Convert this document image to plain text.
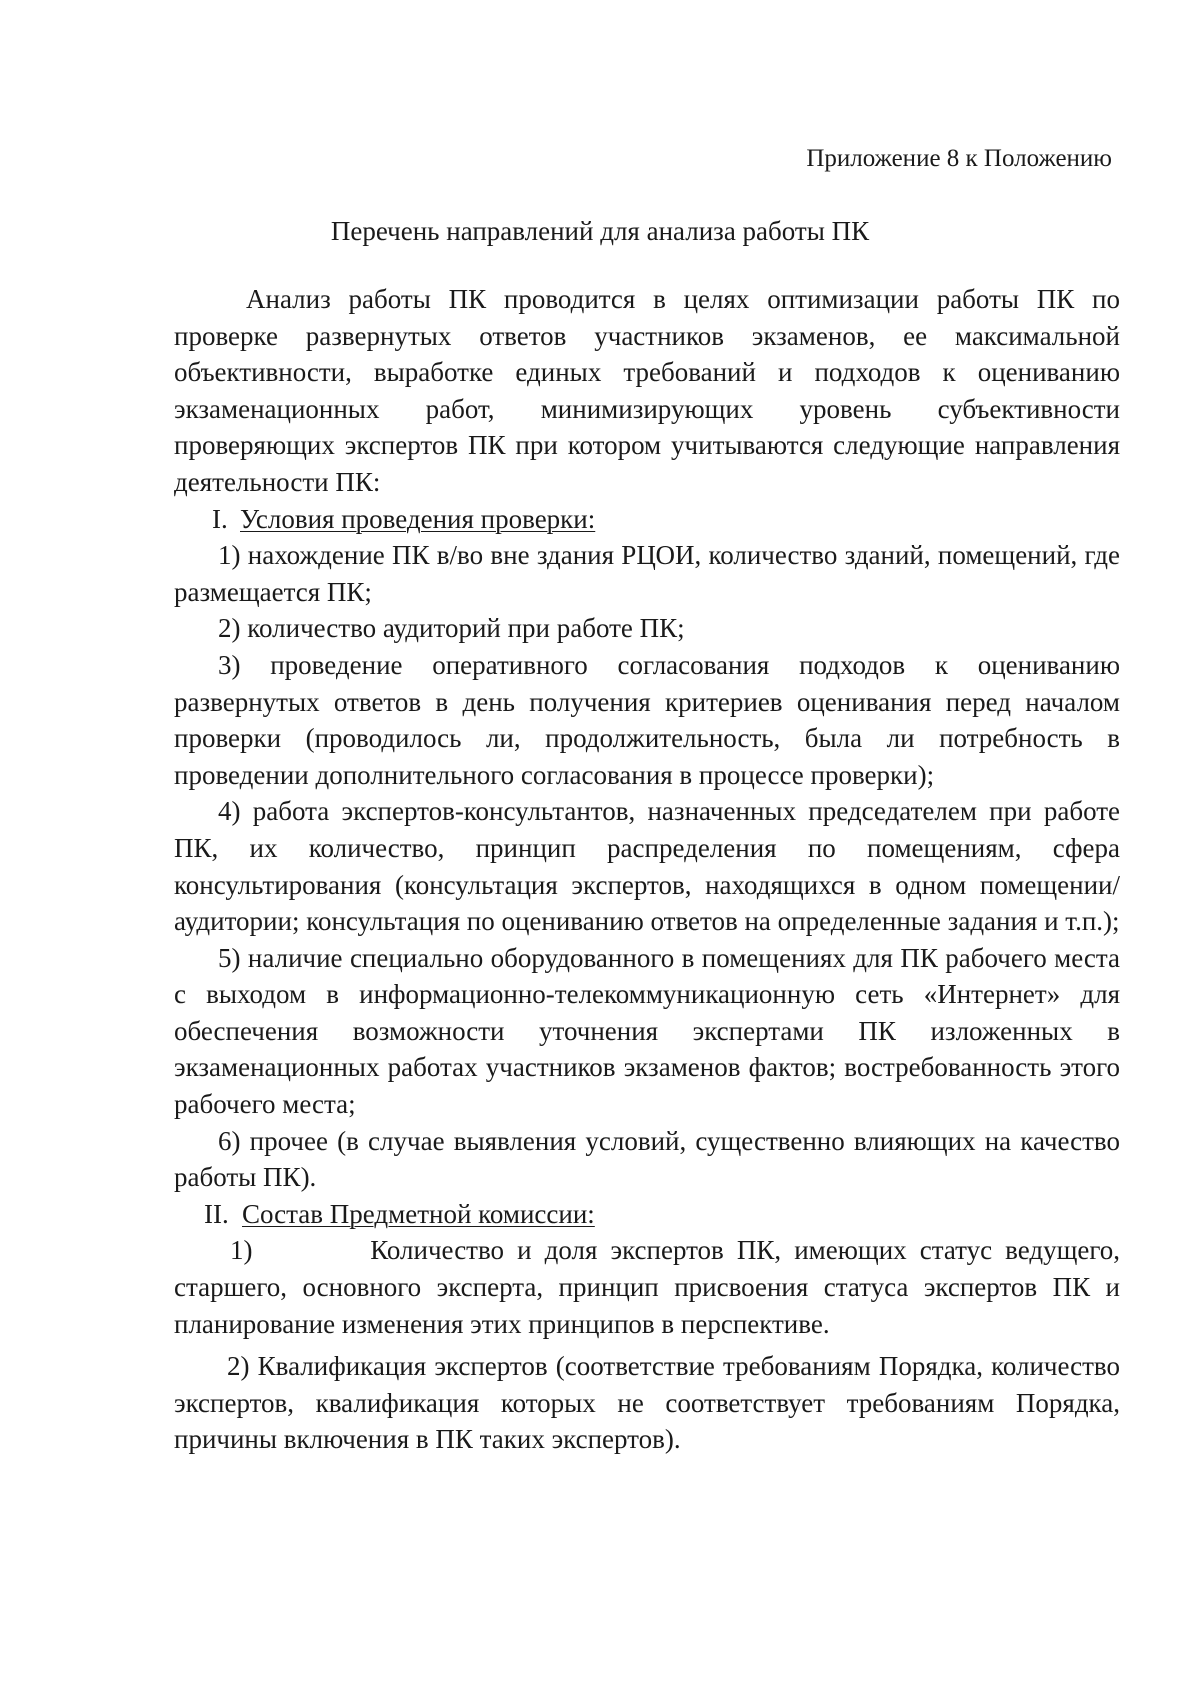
Приложение 8 к Положению
Перечень направлений для анализа работы ПК

Анализ работы ПК проводится в целях оптимизации работы ПК по проверке развернутых ответов участников экзаменов, ее максимальной объективности, выработке единых требований и подходов к оцениванию экзаменационных работ, минимизирующих уровень субъективности проверяющих экспертов ПК при котором учитываются следующие направления деятельности ПК:

I. Условия проведения проверки:

1) нахождение ПК в/во вне здания РЦОИ, количество зданий, помещений, где размещается ПК;

2) количество аудиторий при работе ПК;

3) проведение оперативного согласования подходов к оцениванию развернутых ответов в день получения критериев оценивания перед началом проверки (проводилось ли, продолжительность, была ли потребность в проведении дополнительного согласования в процессе проверки);

4) работа экспертов-консультантов, назначенных председателем при работе ПК, их количество, принцип распределения по помещениям, сфера консультирования (консультация экспертов, находящихся в одном помещении/аудитории; консультация по оцениванию ответов на определенные задания и т.п.);

5) наличие специально оборудованного в помещениях для ПК рабочего места с выходом в информационно-телекоммуникационную сеть «Интернет» для обеспечения возможности уточнения экспертами ПК изложенных в экзаменационных работах участников экзаменов фактов; востребованность этого рабочего места;

6) прочее (в случае выявления условий, существенно влияющих на качество работы ПК).

II. Состав Предметной комиссии:

1)	Количество и доля экспертов ПК, имеющих статус ведущего, старшего, основного эксперта, принцип присвоения статуса экспертов ПК и планирование изменения этих принципов в перспективе.

2) Квалификация экспертов (соответствие требованиям Порядка, количество экспертов, квалификация которых не соответствует требованиям Порядка, причины включения в ПК таких экспертов).
